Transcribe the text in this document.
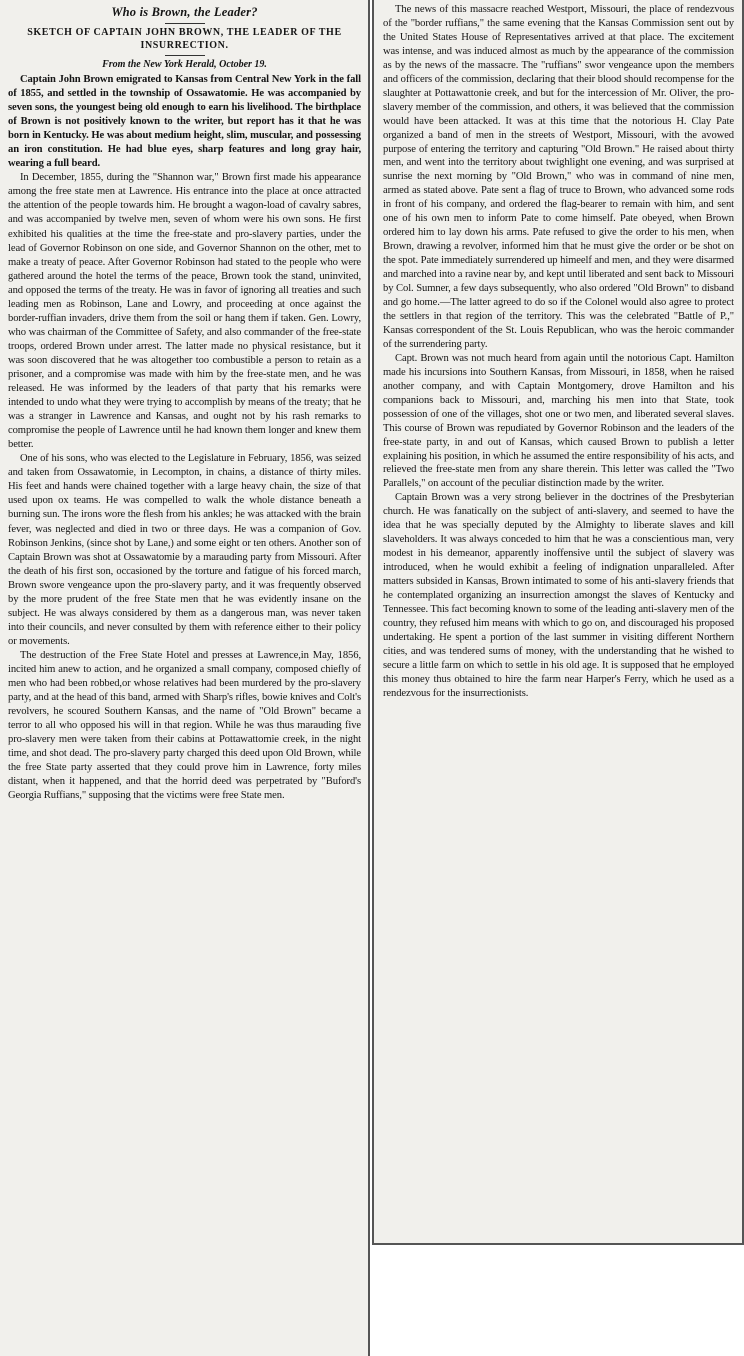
Who is Brown, the Leader?
SKETCH OF CAPTAIN JOHN BROWN, THE LEADER OF THE INSURRECTION.
From the New York Herald, October 19.

Captain John Brown emigrated to Kansas from Central New York in the fall of 1855, and settled in the township of Ossawatomie. He was accompanied by seven sons, the youngest being old enough to earn his livelihood. The birthplace of Brown is not positively known to the writer, but report has it that he was born in Kentucky. He was about medium height, slim, muscular, and possessing an iron constitution. He had blue eyes, sharp features and long gray hair, wearing a full beard.

In December, 1855, during the "Shannon war," Brown first made his appearance among the free state men at Lawrence. His entrance into the place at once attracted the attention of the people towards him. He brought a wagon-load of cavalry sabres, and was accompanied by twelve men, seven of whom were his own sons. He first exhibited his qualities at the time the free-state and pro-slavery parties, under the lead of Governor Robinson on one side, and Governor Shannon on the other, met to make a treaty of peace. After Governor Robinson had stated to the people who were gathered around the hotel the terms of the peace, Brown took the stand, uninvited, and opposed the terms of the treaty. He was in favor of ignoring all treaties and such leading men as Robinson, Lane and Lowry, and proceeding at once against the border-ruffian invaders, drive them from the soil or hang them if taken. Gen. Lowry, who was chairman of the Committee of Safety, and also commander of the free-state troops, ordered Brown under arrest. The latter made no physical resistance, but it was soon discovered that he was altogether too combustible a person to retain as a prisoner, and a compromise was made with him by the free-state men, and he was released. He was informed by the leaders of that party that his remarks were intended to undo what they were trying to accomplish by means of the treaty; that he was a stranger in Lawrence and Kansas, and ought not by his rash remarks to compromise the people of Lawrence until he had known them longer and knew them better.

One of his sons, who was elected to the Legislature in February, 1856, was seized and taken from Ossawatomie, in Lecompton, in chains, a distance of thirty miles. His feet and hands were chained together with a large heavy chain, the size of that used upon ox teams. He was compelled to walk the whole distance beneath a burning sun. The irons wore the flesh from his ankles; he was attacked with the brain fever, was neglected and died in two or three days. He was a companion of Gov. Robinson Jenkins, (since shot by Lane,) and some eight or ten others. Another son of Captain Brown was shot at Ossawatomie by a marauding party from Missouri. After the death of his first son, occasioned by the torture and fatigue of his forced march, Brown swore vengeance upon the pro-slavery party, and it was frequently observed by the more prudent of the free State men that he was evidently insane on the subject. He was always considered by them as a dangerous man, was never taken into their councils, and never consulted by them with reference either to their policy or movements.

The destruction of the Free State Hotel and presses at Lawrence,in May, 1856, incited him anew to action, and he organized a small company, composed chiefly of men who had been robbed,or whose relatives had been murdered by the pro-slavery party, and at the head of this band, armed with Sharp's rifles, bowie knives and Colt's revolvers, he scoured Southern Kansas, and the name of "Old Brown" became a terror to all who opposed his will in that region. While he was thus marauding five pro-slavery men were taken from their cabins at Pottawattomie creek, in the night time, and shot dead. The pro-slavery party charged this deed upon Old Brown, while the free State party asserted that they could prove him in Lawrence, forty miles distant, when it happened, and that the horrid deed was perpetrated by "Buford's Georgia Ruffians," supposing that the victims were free State men.

The news of this massacre reached Westport, Missouri, the place of rendezvous of the "border ruffians," the same evening that the Kansas Commission sent out by the United States House of Representatives arrived at that place. The excitement was intense, and was induced almost as much by the appearance of the commission as by the news of the massacre. The "ruffians" swor vengeance upon the members and officers of the commission, declaring that their blood should recompense for the slaughter at Pottawattonie creek, and but for the intercession of Mr. Oliver, the pro-slavery member of the commission, and others, it was believed that the commission would have been attacked. It was at this time that the notorious H. Clay Pate organized a band of men in the streets of Westport, Missouri, with the avowed purpose of entering the territory and capturing "Old Brown." He raised about thirty men, and went into the territory about twighlight one evening, and was surprised at sunrise the next morning by "Old Brown," who was in command of nine men, armed as stated above. Pate sent a flag of truce to Brown, who advanced some rods in front of his company, and ordered the flag-bearer to remain with him, and sent one of his own men to inform Pate to come himself. Pate obeyed, when Brown ordered him to lay down his arms. Pate refused to give the order to his men, when Brown, drawing a revolver, informed him that he must give the order or be shot on the spot. Pate immediately surrendered up himeelf and men, and they were disarmed and marched into a ravine near by, and kept until liberated and sent back to Missouri by Col. Sumner, a few days subsequently, who also ordered "Old Brown" to disband and go home.—The latter agreed to do so if the Colonel would also agree to protect the settlers in that region of the territory. This was the celebrated "Battle of P.," Kansas correspondent of the St. Louis Republican, who was the heroic commander of the surrendering party.

Capt. Brown was not much heard from again until the notorious Capt. Hamilton made his incursions into Southern Kansas, from Missouri, in 1858, when he raised another company, and with Captain Montgomery, drove Hamilton and his companions back to Missouri, and, marching his men into that State, took possession of one of the villages, shot one or two men, and liberated several slaves. This course of Brown was repudiated by Governor Robinson and the leaders of the free-state party, in and out of Kansas, which caused Brown to publish a letter explaining his position, in which he assumed the entire responsibility of his acts, and relieved the free-state men from any share therein. This letter was called the "Two Parallels," on account of the peculiar distinction made by the writer.

Captain Brown was a very strong believer in the doctrines of the Presbyterian church. He was fanatically on the subject of anti-slavery, and seemed to have the idea that he was specially deputed by the Almighty to liberate slaves and kill slaveholders. It was always conceded to him that he was a conscientious man, very modest in his demeanor, apparently inoffensive until the subject of slavery was introduced, when he would exhibit a feeling of indignation unparalleled. After matters subsided in Kansas, Brown intimated to some of his anti-slavery friends that he contemplated organizing an insurrection amongst the slaves of Kentucky and Tennessee. This fact becoming known to some of the leading anti-slavery men of the country, they refused him means with which to go on, and discouraged his proposed undertaking. He spent a portion of the last summer in visiting different Northern cities, and was tendered sums of money, with the understanding that he wished to secure a little farm on which to settle in his old age. It is supposed that he employed this money thus obtained to hire the farm near Harper's Ferry, which he used as a rendezvous for the insurrectionists.
